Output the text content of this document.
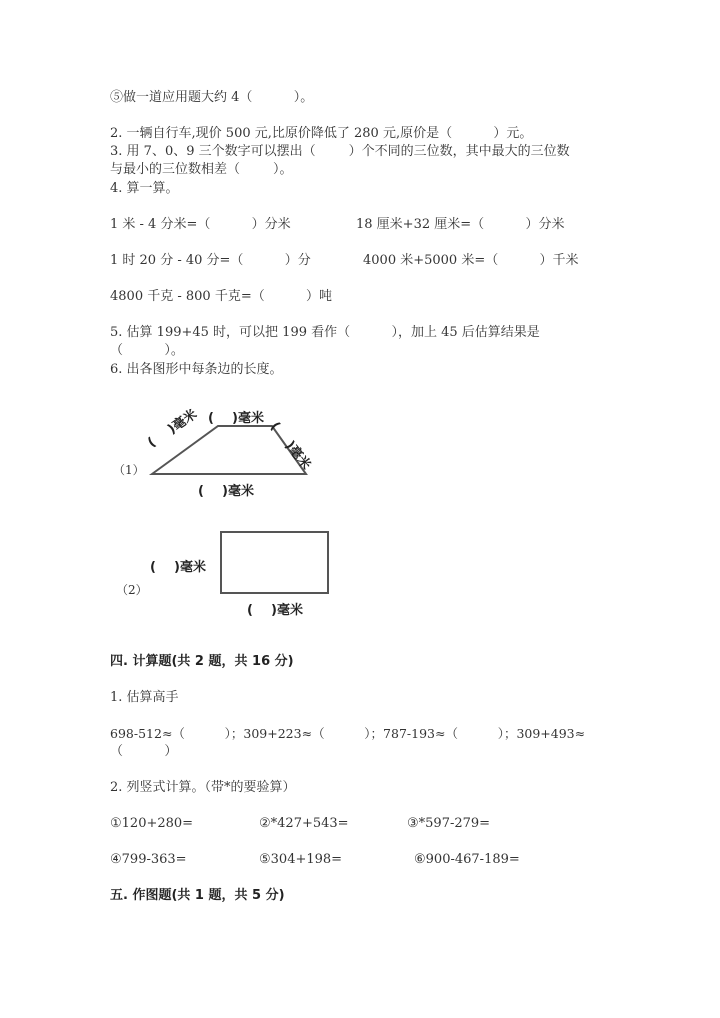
⑤做一道应用题大约 4（          ）。
2. 一辆自行车,现价 500 元,比原价降低了 280 元,原价是（          ）元。
3. 用 7、0、9 三个数字可以摆出（        ）个不同的三位数，其中最大的三位数
与最小的三位数相差（        ）。
4. 算一算。
1 米 - 4 分米=（          ）分米	18 厘米+32 厘米=（          ）分米
1 时 20 分 - 40 分=（          ）分	4000 米+5000 米=（          ）千米
4800 千克 - 800 千克=（          ）吨
5. 估算 199+45 时，可以把 199 看作（          ），加上 45 后估算结果是
（          ）。
6. 出各图形中每条边的长度。
（1）
(    )毫米
(    )毫米	(    )毫米
(    )毫米
（2）
(    )毫米
(    )毫米
四. 计算题(共 2 题，共 16 分)
1. 估算高手
698-512≈（          ）；309+223≈（          ）；787-193≈（          ）；309+493≈
（          ）
2. 列竖式计算。（带*的要验算）
①120+280=	②*427+543=	③*597-279=
④799-363=	⑤304+198=	⑥900-467-189=
五. 作图题(共 1 题，共 5 分)
